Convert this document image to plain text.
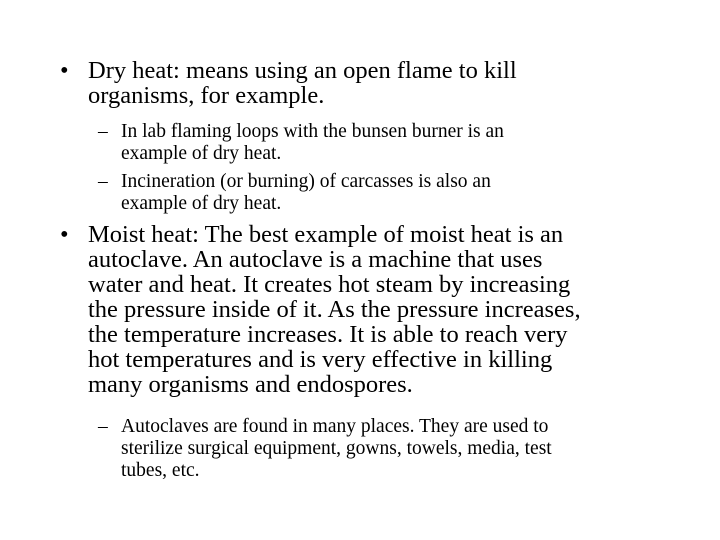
• Dry heat: means using an open flame to kill
organisms, for example.
– In lab flaming loops with the bunsen burner is an
example of dry heat.
– Incineration (or burning) of carcasses is also an
example of dry heat.
• Moist heat: The best example of moist heat is an
autoclave. An autoclave is a machine that uses
water and heat. It creates hot steam by increasing
the pressure inside of it. As the pressure increases,
the temperature increases. It is able to reach very
hot temperatures and is very effective in killing
many organisms and endospores.
– Autoclaves are found in many places. They are used to
sterilize surgical equipment, gowns, towels, media, test
tubes, etc.
